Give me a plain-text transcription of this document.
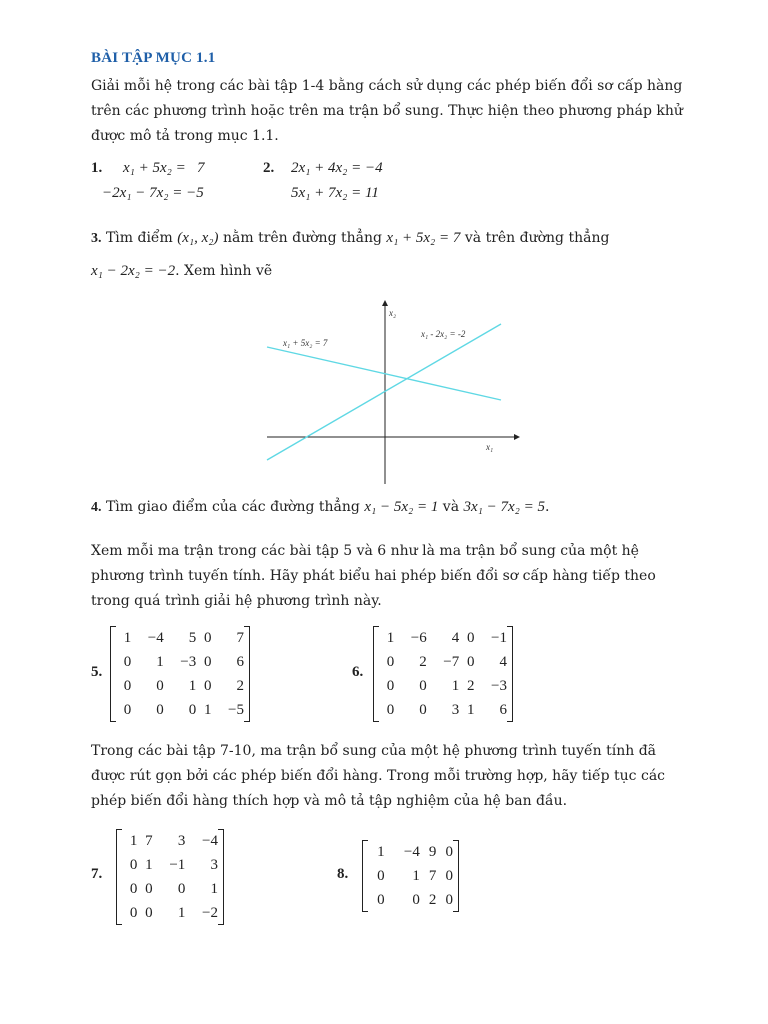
BÀI TẬP MỤC 1.1

Giải mỗi hệ trong các bài tập 1-4 bằng cách sử dụng các phép biến đổi sơ cấp hàng trên các phương trình hoặc trên ma trận bổ sung. Thực hiện theo phương pháp khử được mô tả trong mục 1.1.

1. x₁ + 5x₂ =   7
−2x₁ − 7x₂ = −5
2. 2x₁ + 4x₂ = −4
5x₁ + 7x₂ = 11
3. Tìm điểm (x₁, x₂) nằm trên đường thẳng x₁ + 5x₂ = 7 và trên đường thẳng
x₁ − 2x₂ = −2. Xem hình vẽ
x₂
x₁
x₁ + 5x₂ = 7
x₁ - 2x₂ = -2
4. Tìm giao điểm của các đường thẳng x₁ − 5x₂ = 1 và 3x₁ − 7x₂ = 5.

Xem mỗi ma trận trong các bài tập 5 và 6 như là ma trận bổ sung của một hệ phương trình tuyến tính. Hãy phát biểu hai phép biến đổi sơ cấp hàng tiếp theo trong quá trình giải hệ phương trình này.

5.
1	−4	5	0	7
0	1	−3	0	6
0	0	1	0	2
0	0	0	1	−5
6.
1	−6	4	0	−1
0	2	−7	0	4
0	0	1	2	−3
0	0	3	1	6

Trong các bài tập 7-10, ma trận bổ sung của một hệ phương trình tuyến tính đã được rút gọn bởi các phép biến đổi hàng. Trong mỗi trường hợp, hãy tiếp tục các phép biến đổi hàng thích hợp và mô tả tập nghiệm của hệ ban đầu.

7.
1	7	3	−4
0	1	−1	3
0	0	0	1
0	0	1	−2
8.
1	−4	9	0
0	1	7	0
0	0	2	0
